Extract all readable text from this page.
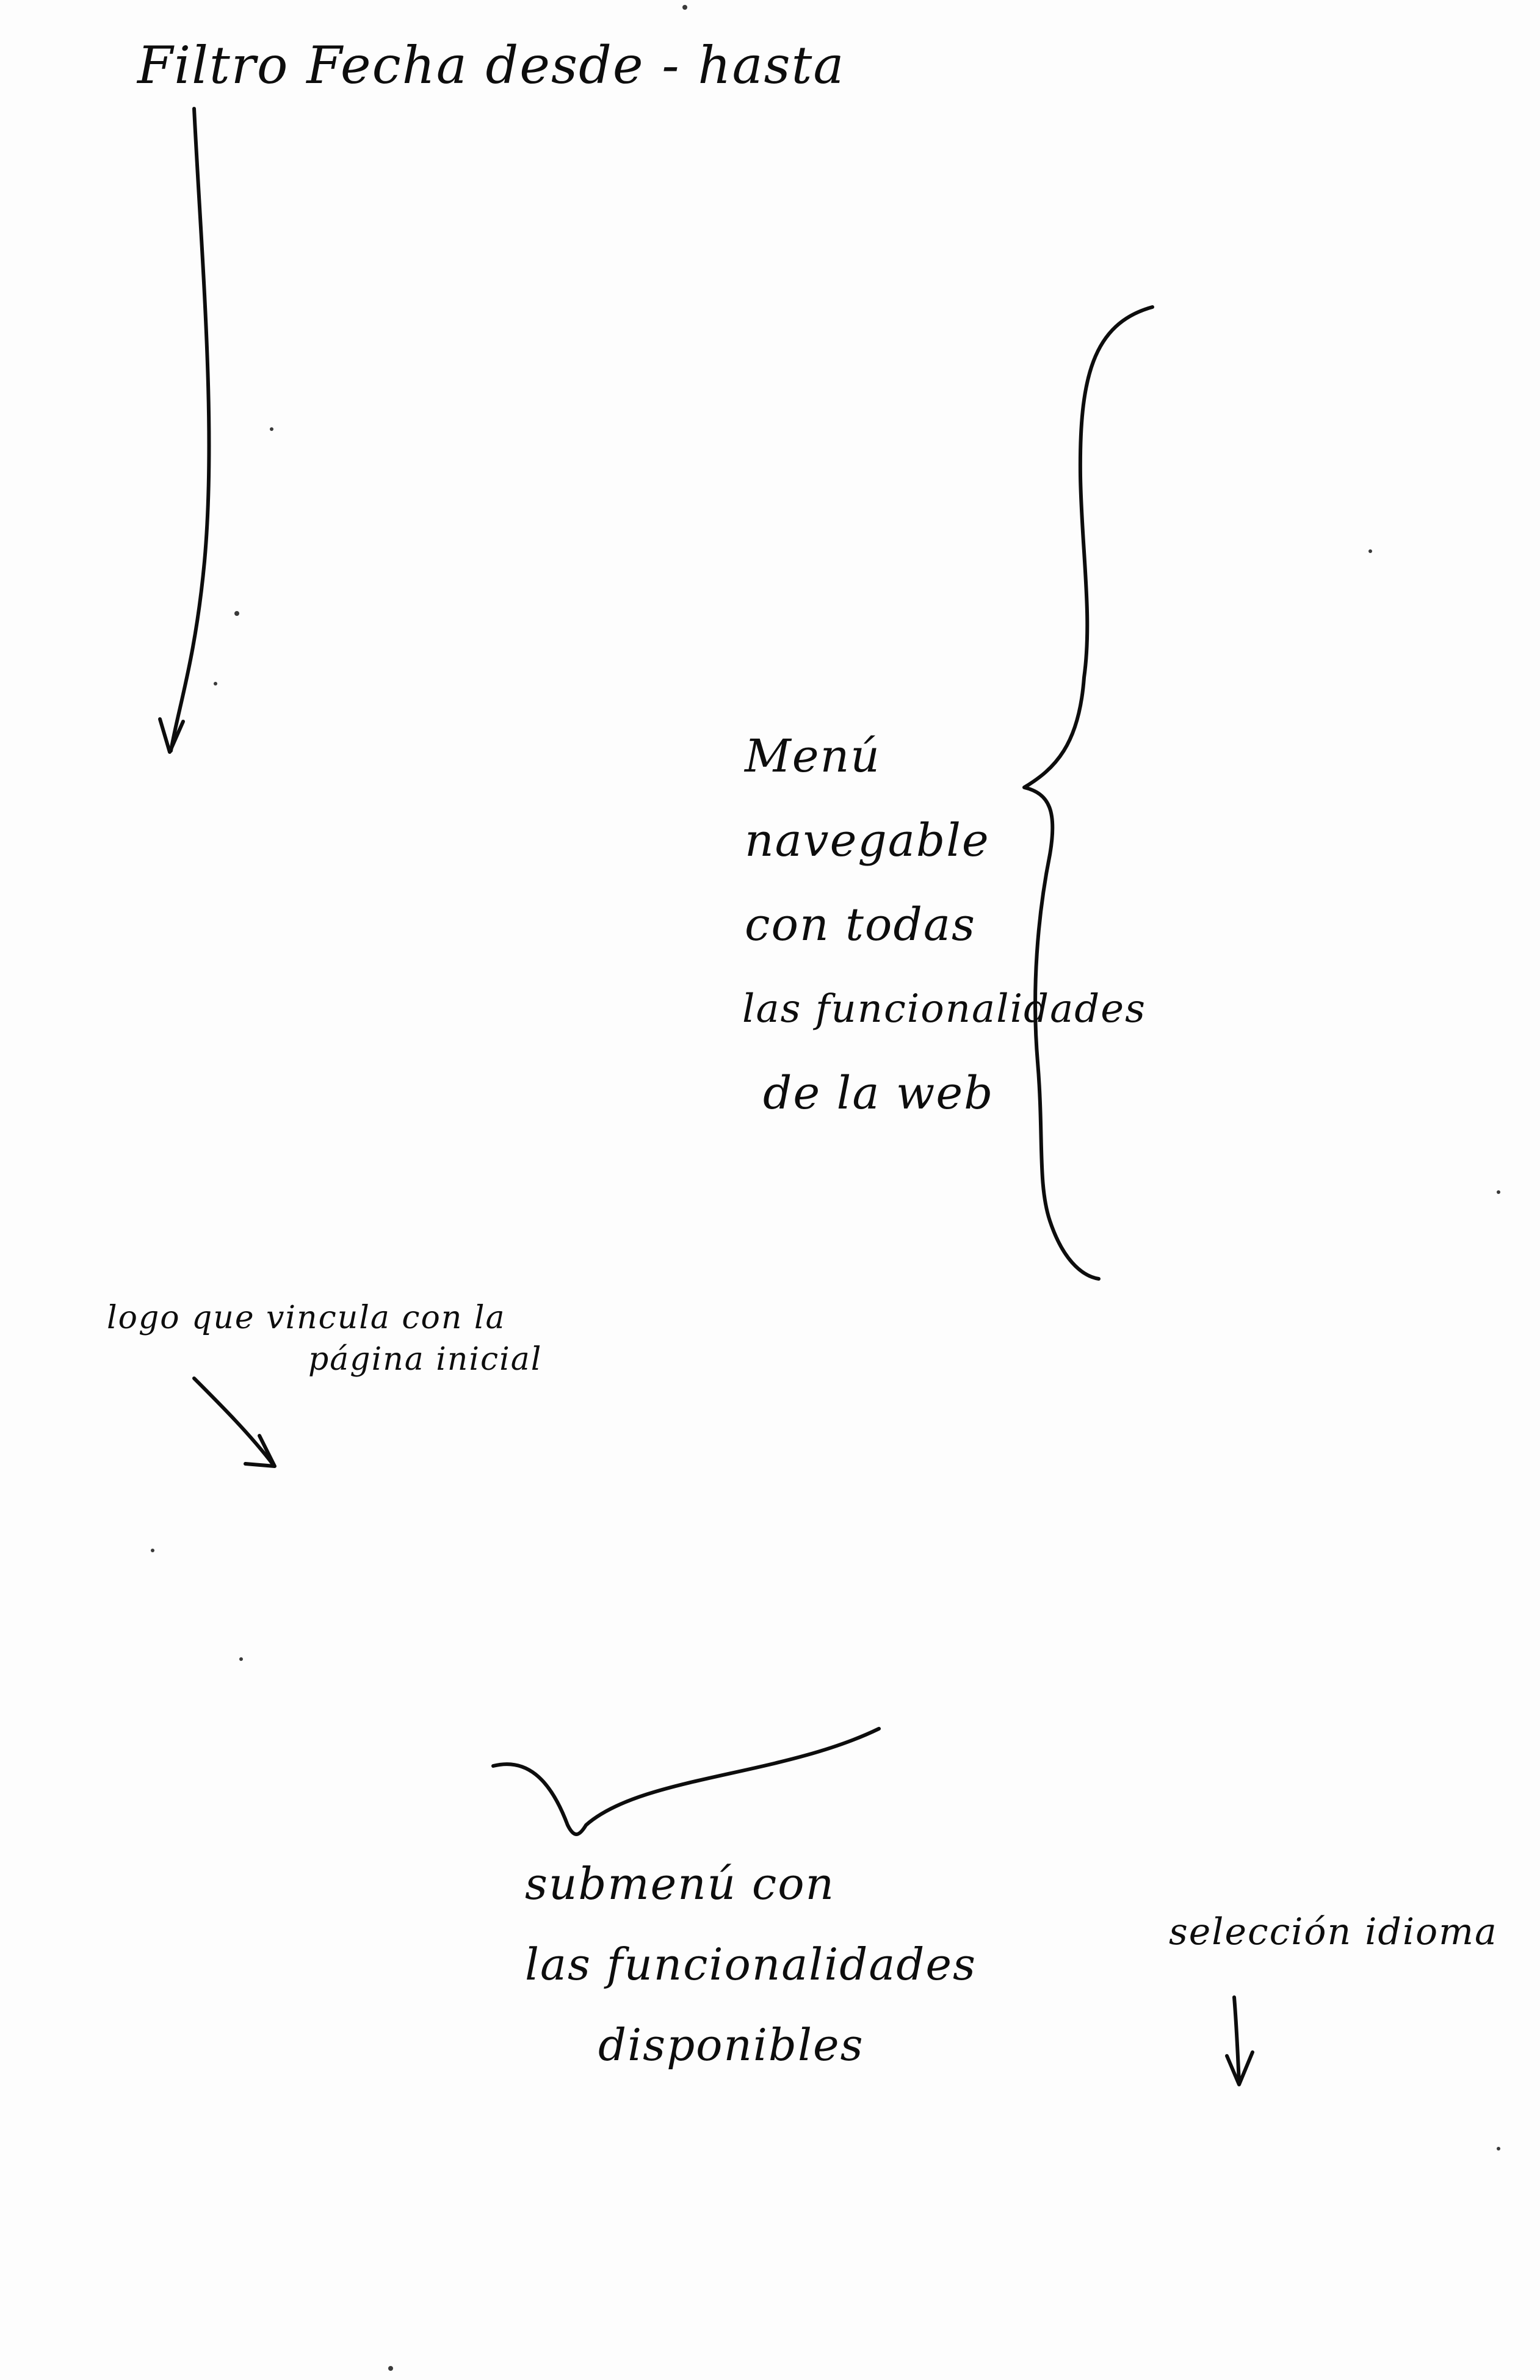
Filtro Fecha desde - hasta

Menú
navegable
con todas
las funcionalidades
de la web

logo que vincula con la
página inicial

submenú con
las funcionalidades
disponibles

selección idioma
